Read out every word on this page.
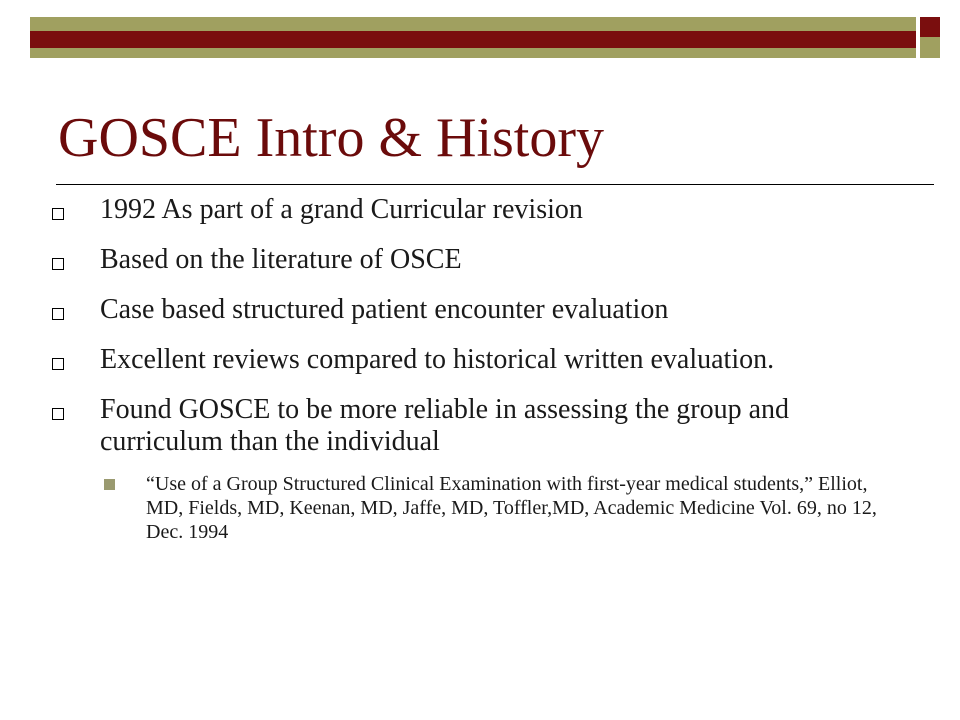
GOSCE Intro & History
1992 As part of a grand Curricular revision
Based on the literature of OSCE
Case based structured patient encounter evaluation
Excellent reviews compared to historical written evaluation.
Found GOSCE to be more reliable in assessing the group and curriculum than the individual
“Use of a Group Structured Clinical Examination with first-year medical students,” Elliot, MD, Fields, MD, Keenan, MD, Jaffe, MD, Toffler,MD, Academic Medicine Vol. 69, no 12, Dec. 1994
